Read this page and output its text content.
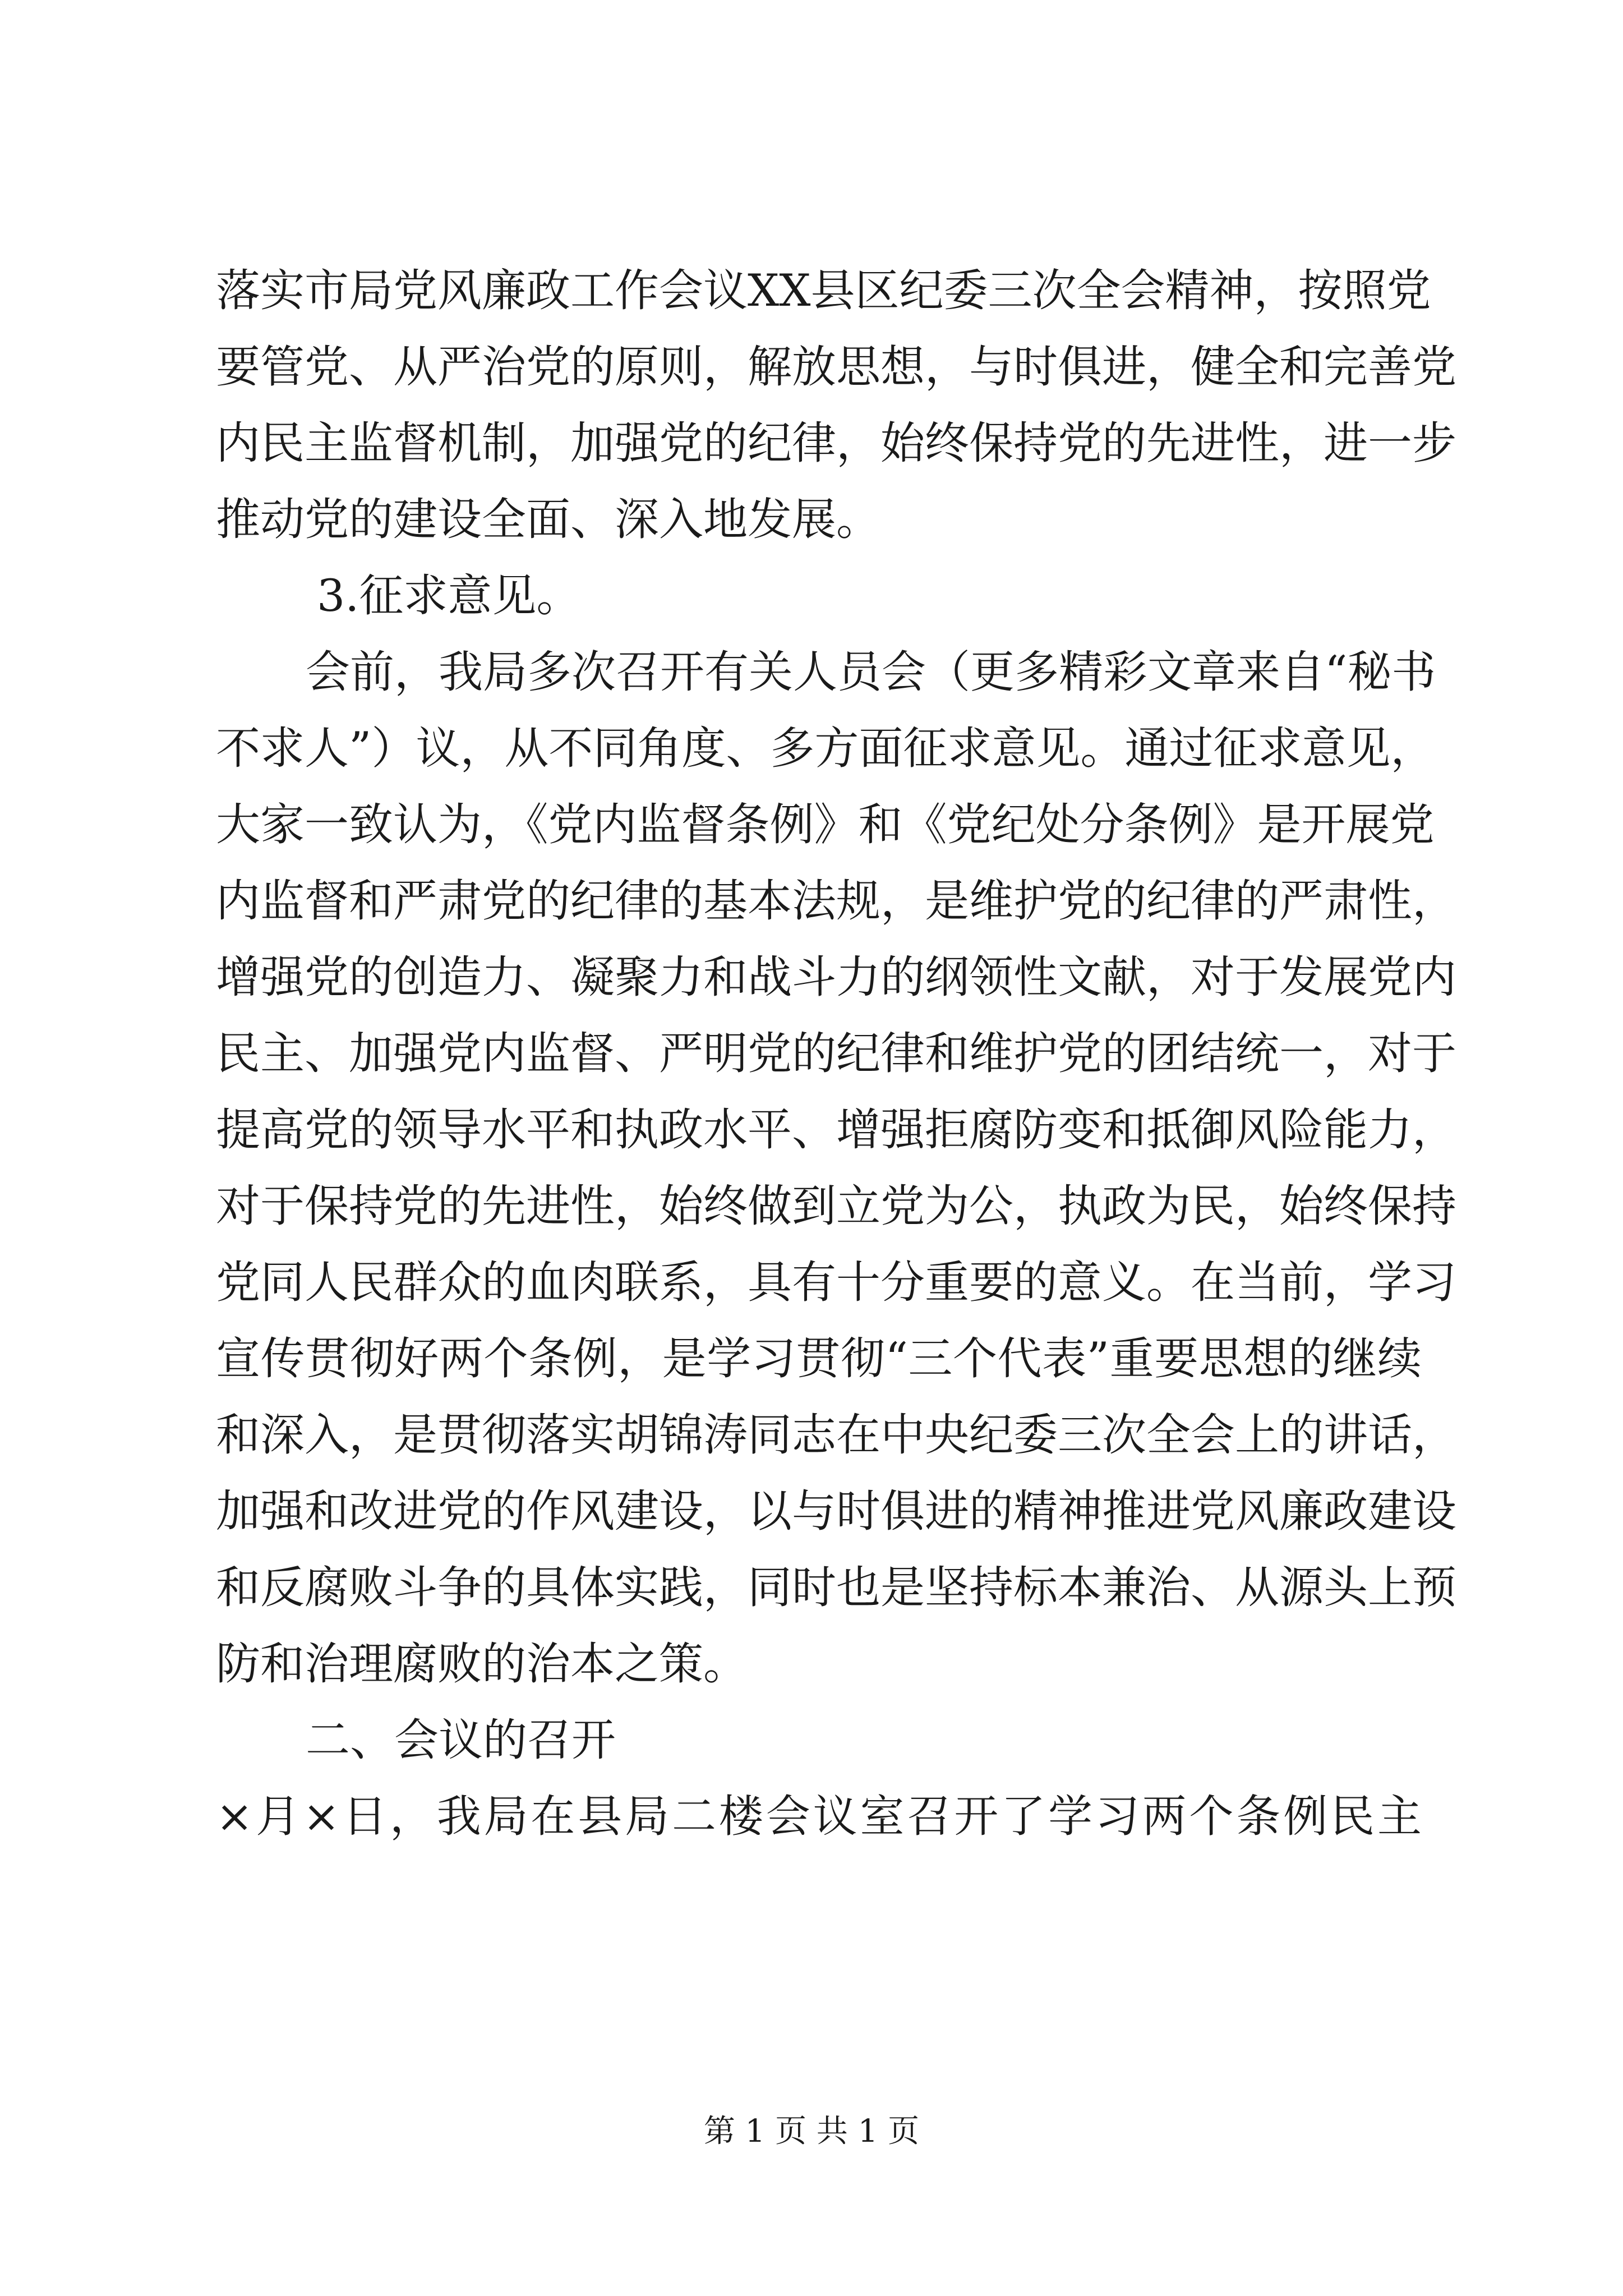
落实市局党风廉政工作会议XX县区纪委三次全会精神，按照党
要管党、从严治党的原则，解放思想，与时俱进，健全和完善党
内民主监督机制，加强党的纪律，始终保持党的先进性，进一步
推动党的建设全面、深入地发展。
3.征求意见。
会前，我局多次召开有关人员会（更多精彩文章来自“秘书
不求人”）议，从不同角度、多方面征求意见。通过征求意见，
大家一致认为，《党内监督条例》和《党纪处分条例》是开展党
内监督和严肃党的纪律的基本法规，是维护党的纪律的严肃性，
增强党的创造力、凝聚力和战斗力的纲领性文献，对于发展党内
民主、加强党内监督、严明党的纪律和维护党的团结统一，对于
提高党的领导水平和执政水平、增强拒腐防变和抵御风险能力，
对于保持党的先进性，始终做到立党为公，执政为民，始终保持
党同人民群众的血肉联系，具有十分重要的意义。在当前，学习
宣传贯彻好两个条例，是学习贯彻“三个代表”重要思想的继续
和深入，是贯彻落实胡锦涛同志在中央纪委三次全会上的讲话，
加强和改进党的作风建设，以与时俱进的精神推进党风廉政建设
和反腐败斗争的具体实践，同时也是坚持标本兼治、从源头上预
防和治理腐败的治本之策。
二、会议的召开
×月×日，我局在县局二楼会议室召开了学习两个条例民主
第 1 页 共 1 页
